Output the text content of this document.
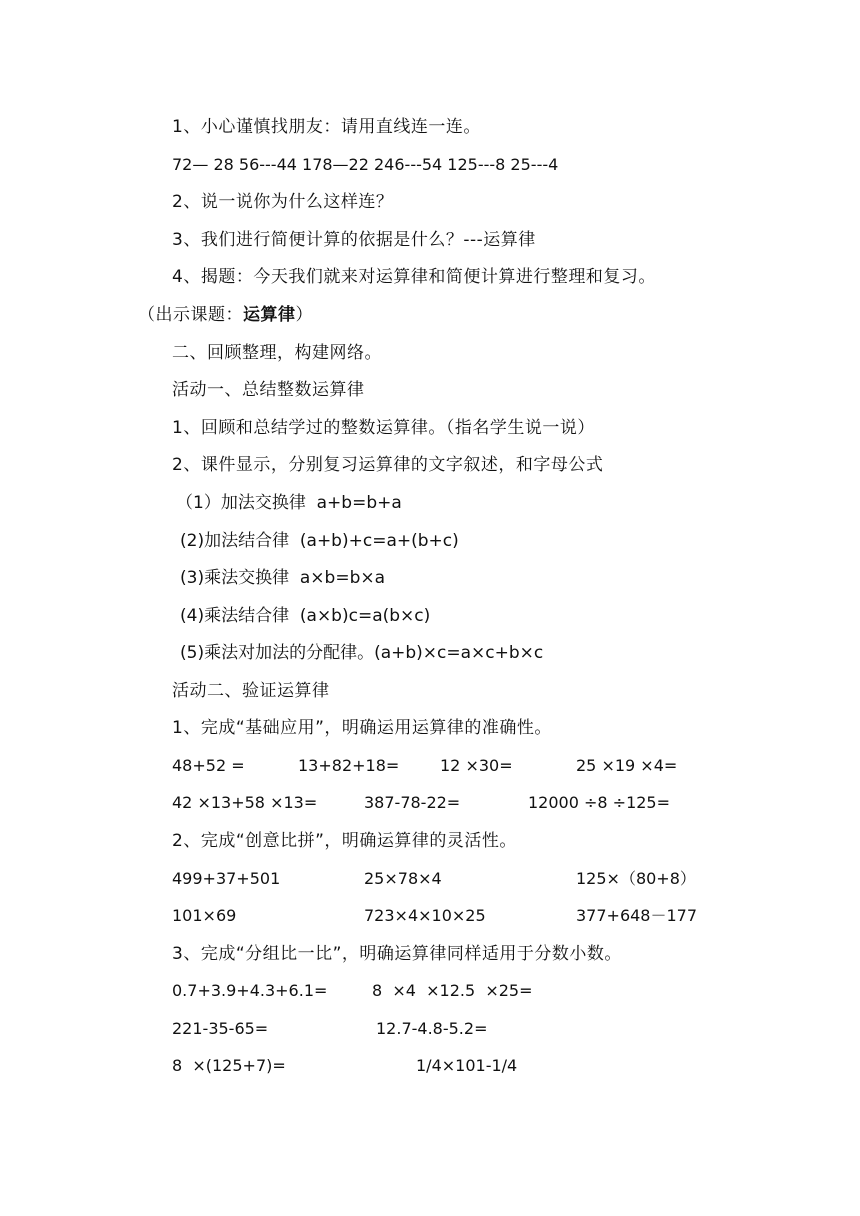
1、小心谨慎找朋友：请用直线连一连。
72— 28 56---44 178—22 246---54 125---8 25---4
2、说一说你为什么这样连？
3、我们进行简便计算的依据是什么？---运算律
4、揭题：今天我们就来对运算律和简便计算进行整理和复习。
（出示课题：运算律）
二、回顾整理，构建网络。
活动一、总结整数运算律
1、回顾和总结学过的整数运算律。（指名学生说一说）
2、课件显示，分别复习运算律的文字叙述，和字母公式
（1）加法交换律  a+b=b+a
(2)加法结合律  (a+b)+c=a+(b+c)
(3)乘法交换律  a×b=b×a
(4)乘法结合律  (a×b)c=a(b×c)
(5)乘法对加法的分配律。(a+b)×c=a×c+b×c
活动二、验证运算律
1、完成“基础应用”，明确运用运算律的准确性。
48+52 =	13+82+18=	12 ×30=	25 ×19 ×4=
42 ×13+58 ×13=	387-78-22=	12000 ÷8 ÷125=
2、完成“创意比拼”，明确运算律的灵活性。
499+37+501	25×78×4	125×（80+8）
101×69	723×4×10×25	377+648－177
3、完成“分组比一比”，明确运算律同样适用于分数小数。
0.7+3.9+4.3+6.1=	8  ×4  ×12.5  ×25=
221-35-65=	12.7-4.8-5.2=
8  ×(125+7)=	1/4×101-1/4
